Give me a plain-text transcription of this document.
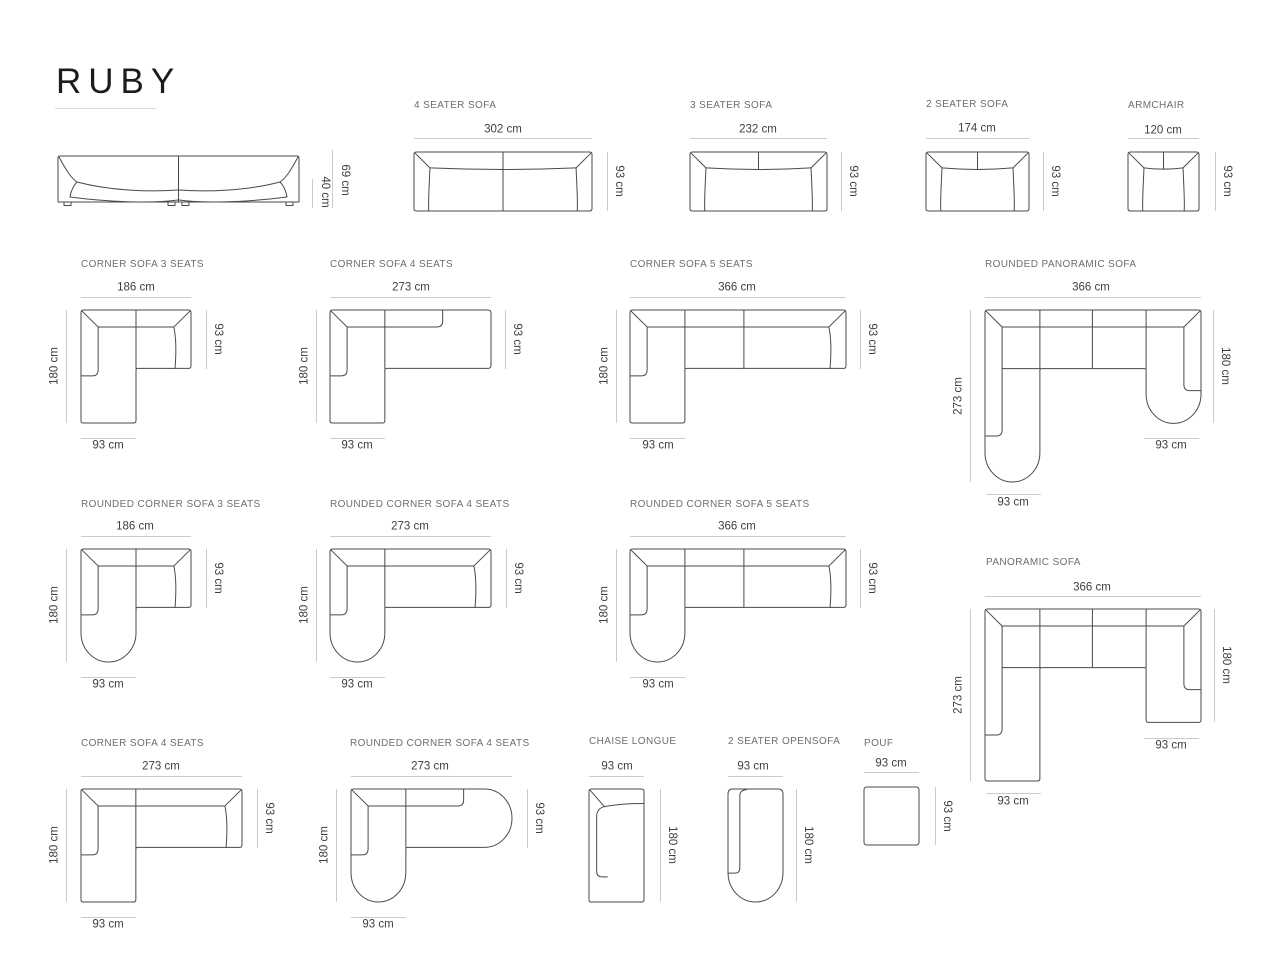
RUBY
69 cm
40 cm
4 SEATER SOFA
302 cm
93 cm
3 SEATER SOFA
232 cm
93 cm
2 SEATER SOFA
174 cm
93 cm
ARMCHAIR
120 cm
93 cm
CORNER SOFA 3 SEATS
186 cm
180 cm
93 cm
93 cm
CORNER SOFA 4 SEATS
273 cm
180 cm
93 cm
93 cm
CORNER SOFA 5 SEATS
366 cm
180 cm
93 cm
93 cm
ROUNDED PANORAMIC SOFA
366 cm
273 cm
180 cm
93 cm
93 cm
ROUNDED CORNER SOFA 3 SEATS
186 cm
180 cm
93 cm
93 cm
ROUNDED CORNER SOFA 4 SEATS
273 cm
180 cm
93 cm
93 cm
ROUNDED CORNER SOFA 5 SEATS
366 cm
180 cm
93 cm
93 cm
PANORAMIC SOFA
366 cm
273 cm
180 cm
93 cm
93 cm
CORNER SOFA 4 SEATS
273 cm
180 cm
93 cm
93 cm
ROUNDED CORNER SOFA 4 SEATS
273 cm
180 cm
93 cm
93 cm
CHAISE LONGUE
93 cm
180 cm
2 SEATER OPENSOFA
93 cm
180 cm
POUF
93 cm
93 cm
